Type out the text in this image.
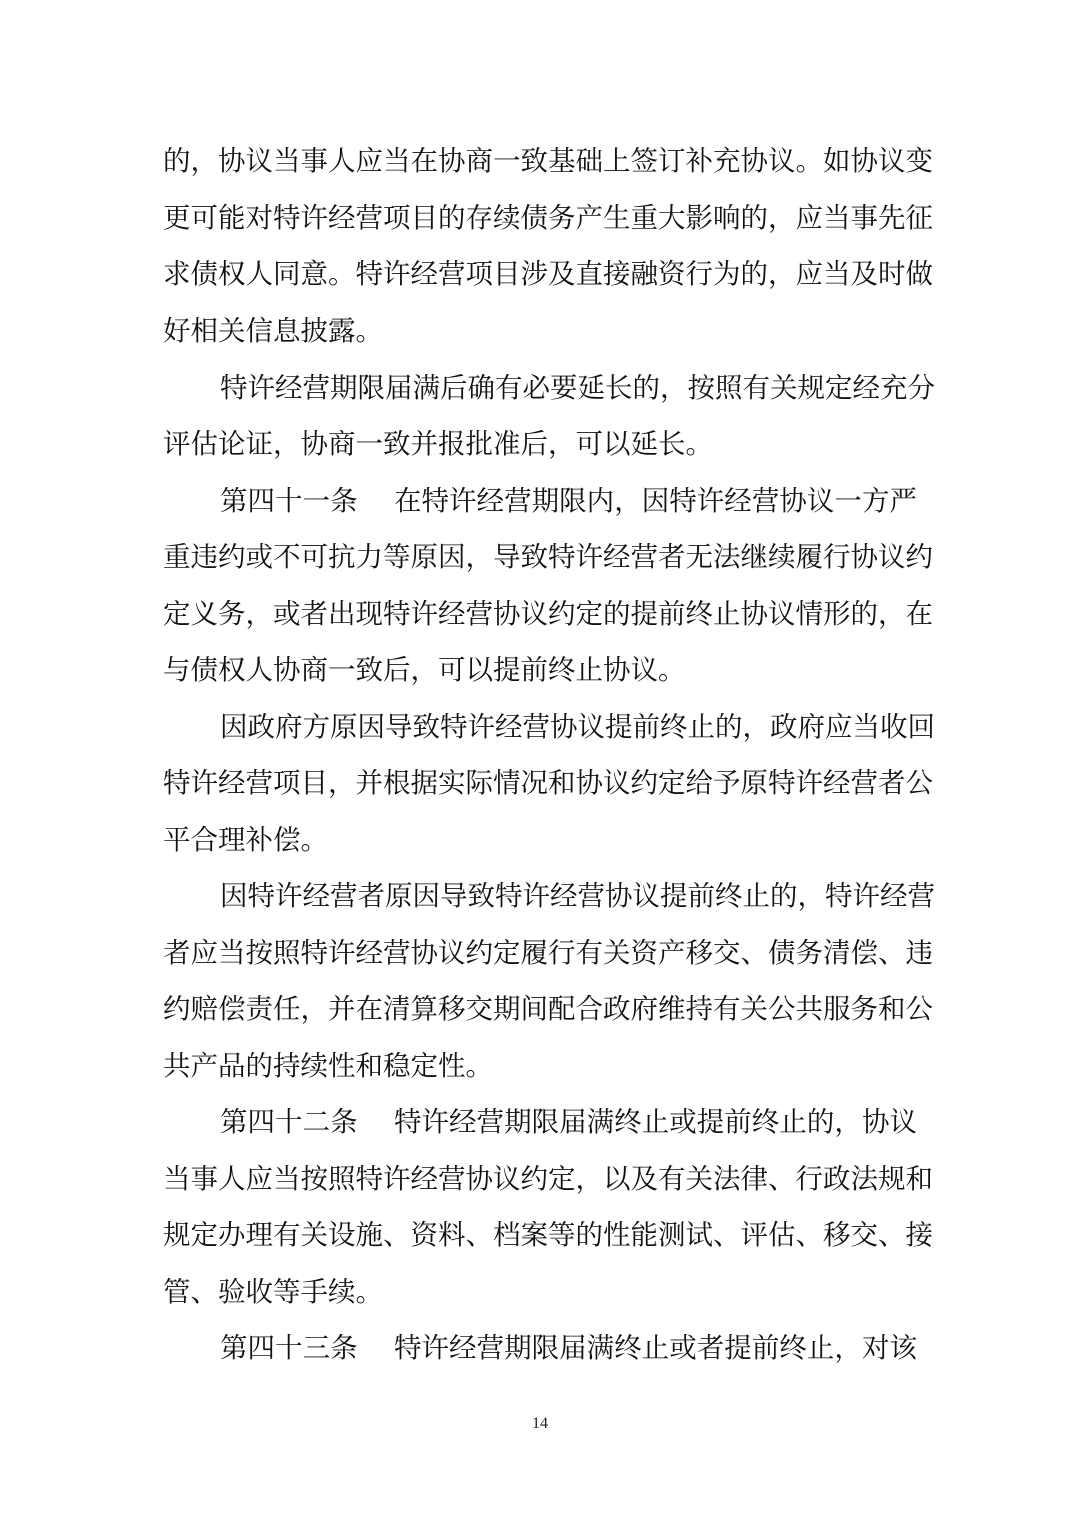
的，协议当事人应当在协商一致基础上签订补充协议。如协议变
更可能对特许经营项目的存续债务产生重大影响的，应当事先征
求债权人同意。特许经营项目涉及直接融资行为的，应当及时做
好相关信息披露。
特许经营期限届满后确有必要延长的，按照有关规定经充分
评估论证，协商一致并报批准后，可以延长。
第四十一条　 在特许经营期限内，因特许经营协议一方严
重违约或不可抗力等原因，导致特许经营者无法继续履行协议约
定义务，或者出现特许经营协议约定的提前终止协议情形的，在
与债权人协商一致后，可以提前终止协议。
因政府方原因导致特许经营协议提前终止的，政府应当收回
特许经营项目，并根据实际情况和协议约定给予原特许经营者公
平合理补偿。
因特许经营者原因导致特许经营协议提前终止的，特许经营
者应当按照特许经营协议约定履行有关资产移交、债务清偿、违
约赔偿责任，并在清算移交期间配合政府维持有关公共服务和公
共产品的持续性和稳定性。
第四十二条　 特许经营期限届满终止或提前终止的，协议
当事人应当按照特许经营协议约定，以及有关法律、行政法规和
规定办理有关设施、资料、档案等的性能测试、评估、移交、接
管、验收等手续。
第四十三条　 特许经营期限届满终止或者提前终止，对该
14
